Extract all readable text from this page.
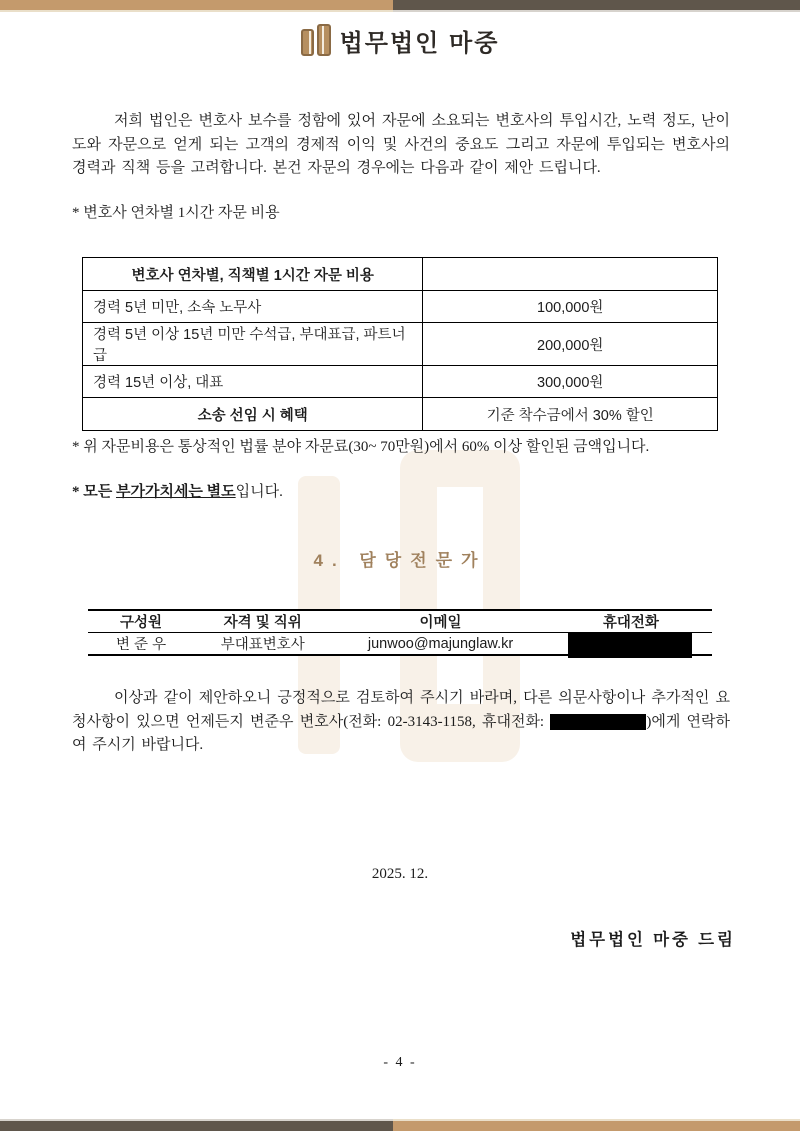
법무법인 마중

저희 법인은 변호사 보수를 정함에 있어 자문에 소요되는 변호사의 투입시간, 노력 정도, 난이도와 자문으로 얻게 되는 고객의 경제적 이익 및 사건의 중요도 그리고 자문에 투입되는 변호사의 경력과 직책 등을 고려합니다. 본건 자문의 경우에는 다음과 같이 제안 드립니다.

* 변호사 연차별 1시간 자문 비용

변호사 연차별, 직책별 1시간 자문 비용	
경력 5년 미만, 소속 노무사	100,000원
경력 5년 이상 15년 미만 수석급, 부대표급, 파트너급	200,000원
경력 15년 이상, 대표	300,000원
소송 선임 시 혜택	기준 착수금에서 30% 할인

* 위 자문비용은 통상적인 법률 분야 자문료(30~ 70만원)에서 60% 이상 할인된 금액입니다.

* 모든 부가가치세는 별도입니다.

4. 담당전문가
구성원	자격 및 직위	이메일	휴대전화
변 준 우	부대표변호사	junwoo@majunglaw.kr	

이상과 같이 제안하오니 긍정적으로 검토하여 주시기 바라며, 다른 의문사항이나 추가적인 요청사항이 있으면 언제든지 변준우 변호사(전화: 02-3143-1158, 휴대전화:	)에게 연락하여 주시기 바랍니다.

2025. 12.
법무법인 마중 드림
- 4 -
